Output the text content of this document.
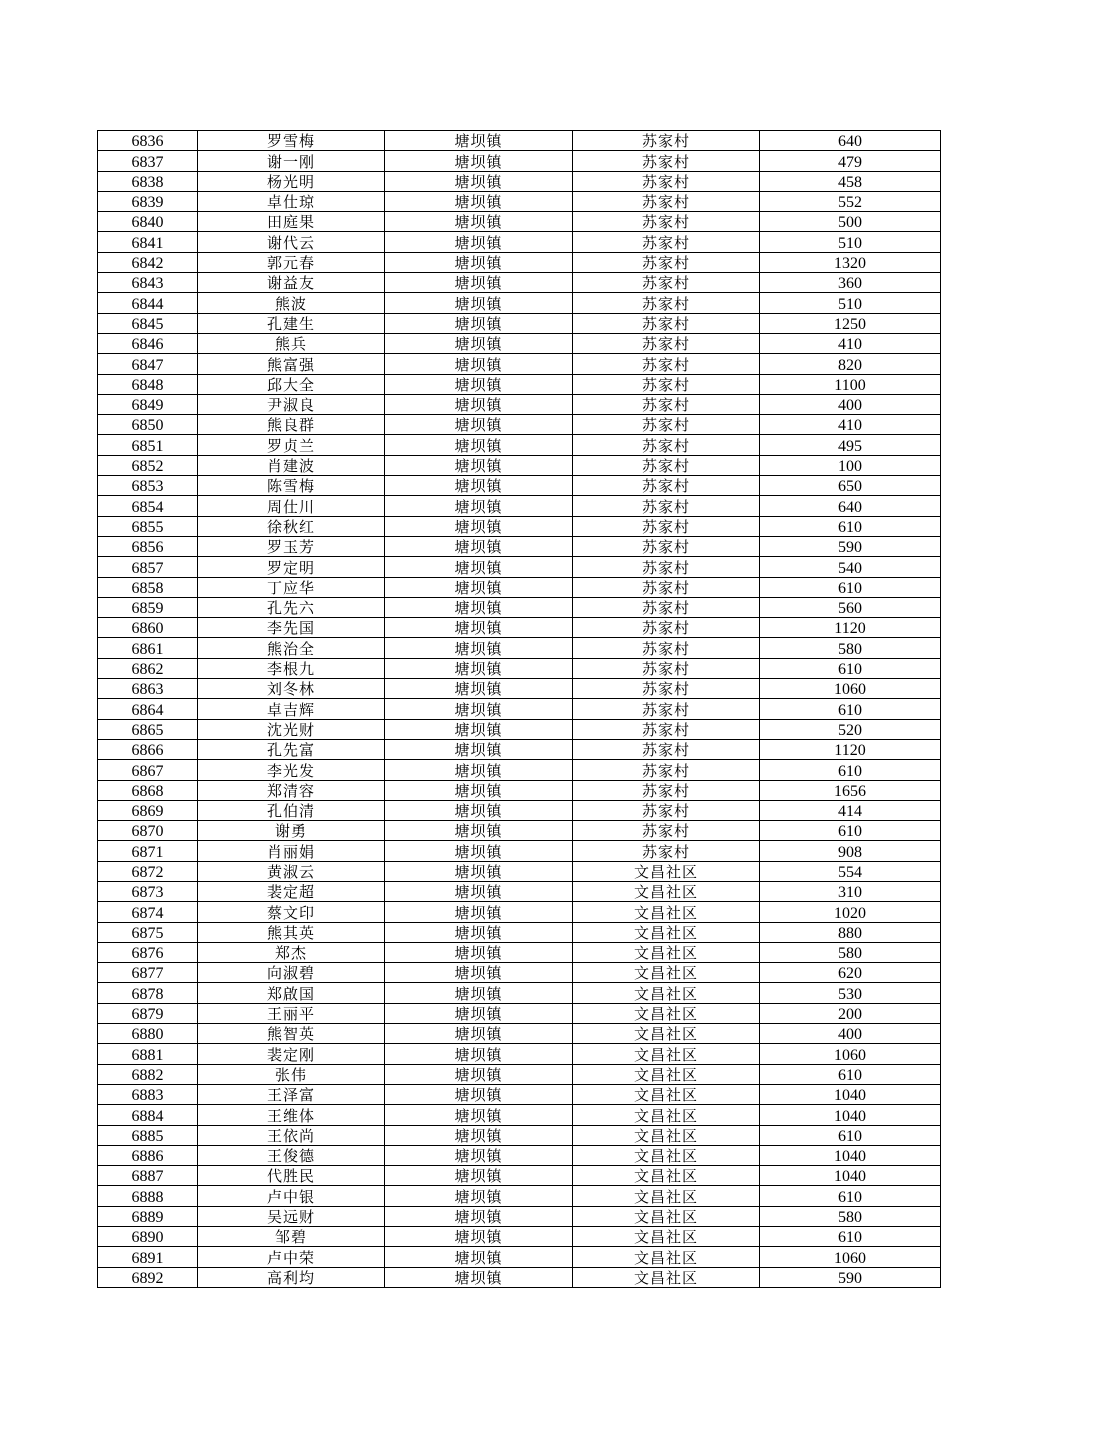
6836	罗雪梅	塘坝镇	苏家村	640
6837	谢一刚	塘坝镇	苏家村	479
6838	杨光明	塘坝镇	苏家村	458
6839	卓仕琼	塘坝镇	苏家村	552
6840	田庭果	塘坝镇	苏家村	500
6841	谢代云	塘坝镇	苏家村	510
6842	郭元春	塘坝镇	苏家村	1320
6843	谢益友	塘坝镇	苏家村	360
6844	熊波	塘坝镇	苏家村	510
6845	孔建生	塘坝镇	苏家村	1250
6846	熊兵	塘坝镇	苏家村	410
6847	熊富强	塘坝镇	苏家村	820
6848	邱大全	塘坝镇	苏家村	1100
6849	尹淑良	塘坝镇	苏家村	400
6850	熊良群	塘坝镇	苏家村	410
6851	罗贞兰	塘坝镇	苏家村	495
6852	肖建波	塘坝镇	苏家村	100
6853	陈雪梅	塘坝镇	苏家村	650
6854	周仕川	塘坝镇	苏家村	640
6855	徐秋红	塘坝镇	苏家村	610
6856	罗玉芳	塘坝镇	苏家村	590
6857	罗定明	塘坝镇	苏家村	540
6858	丁应华	塘坝镇	苏家村	610
6859	孔先六	塘坝镇	苏家村	560
6860	李先国	塘坝镇	苏家村	1120
6861	熊治全	塘坝镇	苏家村	580
6862	李根九	塘坝镇	苏家村	610
6863	刘冬林	塘坝镇	苏家村	1060
6864	卓吉辉	塘坝镇	苏家村	610
6865	沈光财	塘坝镇	苏家村	520
6866	孔先富	塘坝镇	苏家村	1120
6867	李光发	塘坝镇	苏家村	610
6868	郑清容	塘坝镇	苏家村	1656
6869	孔伯清	塘坝镇	苏家村	414
6870	谢勇	塘坝镇	苏家村	610
6871	肖丽娟	塘坝镇	苏家村	908
6872	黄淑云	塘坝镇	文昌社区	554
6873	裴定超	塘坝镇	文昌社区	310
6874	蔡文印	塘坝镇	文昌社区	1020
6875	熊其英	塘坝镇	文昌社区	880
6876	郑杰	塘坝镇	文昌社区	580
6877	向淑碧	塘坝镇	文昌社区	620
6878	郑啟国	塘坝镇	文昌社区	530
6879	王丽平	塘坝镇	文昌社区	200
6880	熊智英	塘坝镇	文昌社区	400
6881	裴定刚	塘坝镇	文昌社区	1060
6882	张伟	塘坝镇	文昌社区	610
6883	王泽富	塘坝镇	文昌社区	1040
6884	王维体	塘坝镇	文昌社区	1040
6885	王依尚	塘坝镇	文昌社区	610
6886	王俊德	塘坝镇	文昌社区	1040
6887	代胜民	塘坝镇	文昌社区	1040
6888	卢中银	塘坝镇	文昌社区	610
6889	吴远财	塘坝镇	文昌社区	580
6890	邹碧	塘坝镇	文昌社区	610
6891	卢中荣	塘坝镇	文昌社区	1060
6892	高利均	塘坝镇	文昌社区	590
